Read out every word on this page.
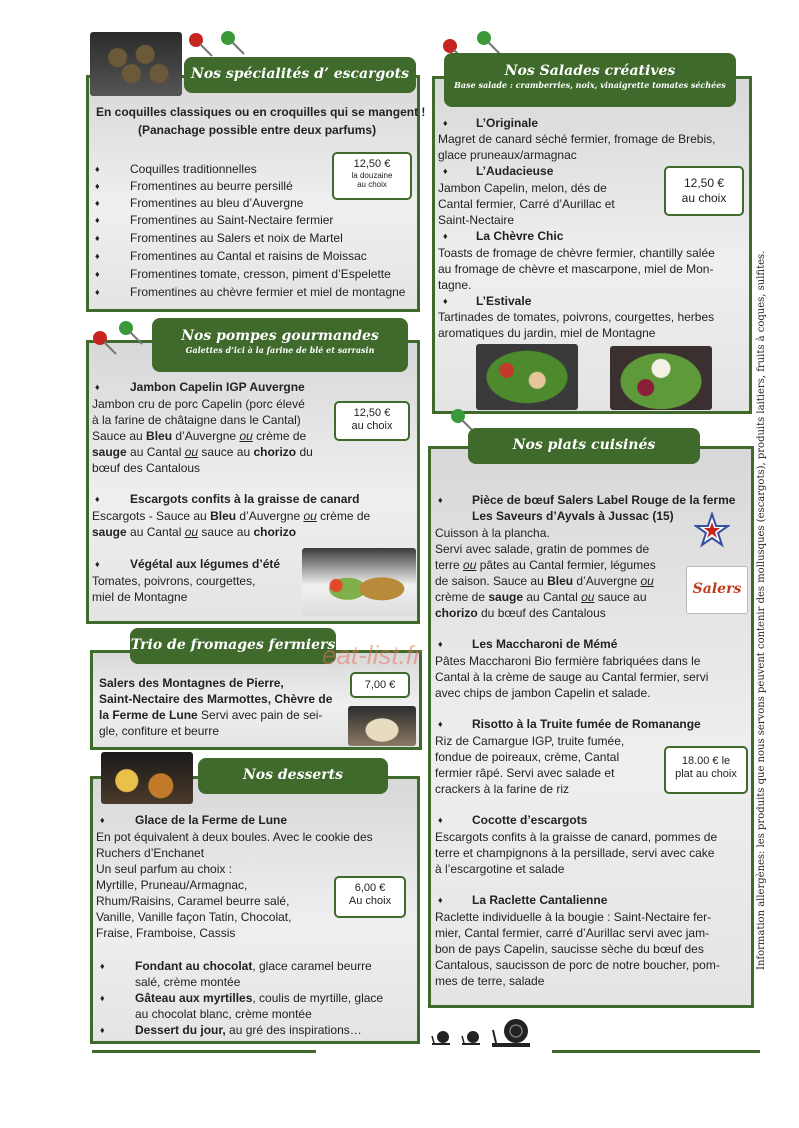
Nos spécialités d’ escargots
En coquilles classiques ou en croquilles qui se mangent !
(Panachage possible entre deux parfums)
♦	Coquilles traditionnelles
♦	Fromentines au beurre persillé
♦	Fromentines au bleu d’Auvergne
♦	Fromentines au Saint-Nectaire fermier
♦	Fromentines au Salers et noix de Martel
♦	Fromentines au Cantal et raisins de Moissac
♦	Fromentines tomate, cresson, piment d’Espelette
♦	Fromentines au chèvre fermier et miel de montagne
12,50 €
la douzaine
au choix
Nos pompes gourmandes
Galettes d’ici à la farine de blé et sarrasin
♦	Jambon Capelin IGP Auvergne
Jambon cru de porc Capelin (porc élevé
à la farine de châtaigne dans le Cantal)
Sauce au Bleu d’Auvergne ou crème de
sauge au Cantal ou sauce au chorizo du
bœuf des Cantalous
12,50 €
au choix
♦	Escargots confits à la graisse de canard
Escargots - Sauce au Bleu d’Auvergne ou crème de
sauge au Cantal ou sauce au chorizo
♦	Végétal aux légumes d’été
Tomates, poivrons, courgettes,
miel de Montagne
Trio de fromages fermiers
Salers des Montagnes de Pierre,
Saint-Nectaire des Marmottes, Chèvre de
la Ferme de Lune Servi avec pain de sei-
gle, confiture et beurre
7,00 €
Nos desserts
♦	Glace de la Ferme de Lune
En pot équivalent à deux boules. Avec le cookie des
Ruchers d’Enchanet
Un seul parfum au choix :
Myrtille, Pruneau/Armagnac,
Rhum/Raisins, Caramel beurre salé,
Vanille, Vanille façon Tatin, Chocolat,
Fraise, Framboise, Cassis
6,00 €
Au choix
♦	Fondant au chocolat, glace caramel beurre
salé, crème montée
♦	Gâteau aux myrtilles, coulis de myrtille, glace
au chocolat blanc, crème montée
♦	Dessert du jour, au gré des inspirations…
Nos Salades créatives
Base salade : cramberries, noix, vinaigrette tomates séchées
♦ L’Originale
Magret de canard séché fermier, fromage de Brebis,
glace pruneaux/armagnac
♦ L’Audacieuse
Jambon Capelin, melon, dés de
Cantal fermier, Carré d’Aurillac et
Saint-Nectaire
12,50 €
au choix
♦ La Chèvre Chic
Toasts de fromage de chèvre fermier, chantilly salée
au fromage de chèvre et mascarpone, miel de Mon-
tagne.
♦ L’Estivale
Tartinades de tomates, poivrons, courgettes, herbes
aromatiques du jardin, miel de Montagne
Nos plats cuisinés
♦ Pièce de bœuf Salers Label Rouge de la ferme
Les Saveurs d’Ayvals à Jussac (15)
Cuisson à la plancha.
Servi avec salade, gratin de pommes de
terre ou pâtes au Cantal fermier, légumes
de saison. Sauce au Bleu d’Auvergne ou
crème de sauge au Cantal ou sauce au
chorizo du bœuf des Cantalous
Salers
♦ Les Maccharoni de Mémé
Pâtes Maccharoni Bio fermière fabriquées dans le
Cantal à la crème de sauge au Cantal fermier, servi
avec chips de jambon Capelin et salade.
♦ Risotto à la Truite fumée de Romanange
Riz de Camargue IGP, truite fumée,
fondue de poireaux, crème, Cantal
fermier râpé. Servi avec salade et
crackers à la farine de riz
18.00 € le
plat au choix
♦ Cocotte d’escargots
Escargots confits à la graisse de canard, pommes de
terre et champignons à la persillade, servi avec cake
à l’escargotine et salade
♦ La Raclette Cantalienne
Raclette individuelle à la bougie : Saint-Nectaire fer-
mier, Cantal fermier, carré d’Aurillac servi avec jam-
bon de pays Capelin, saucisse sèche du bœuf des
Cantalous, saucisson de porc de notre boucher, pom-
mes de terre, salade
Information allergènes: les produits que nous servons peuvent contenir des mollusques (escargots), produits laitiers, fruits à coques, sulfites.
eat-list.fr
